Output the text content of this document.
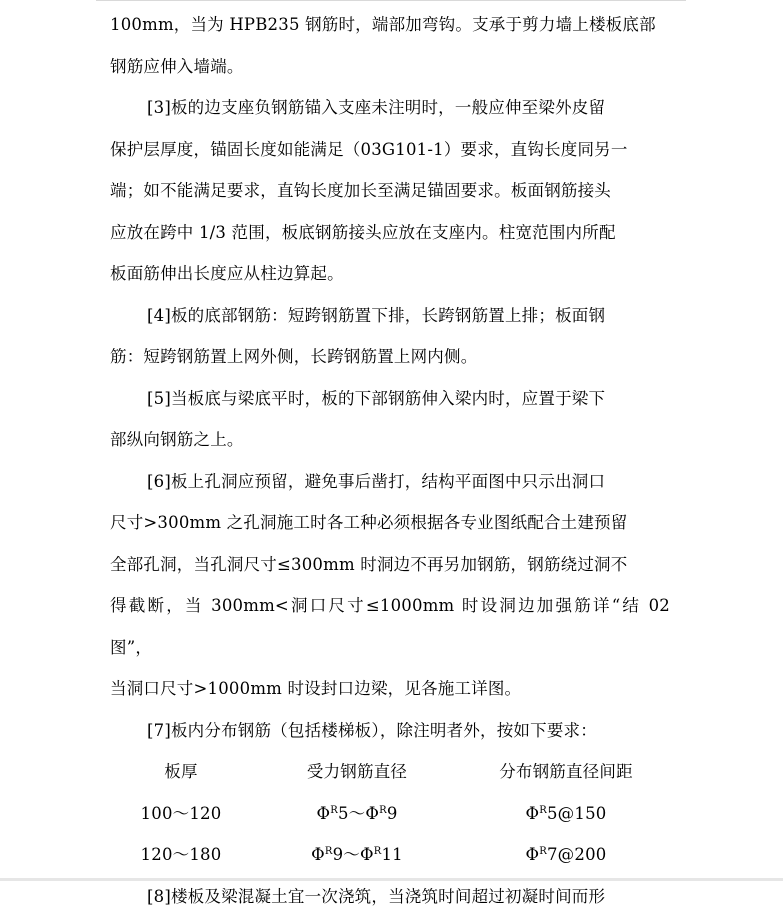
100mm，当为 HPB235 钢筋时，端部加弯钩。支承于剪力墙上楼板底部
钢筋应伸入墙端。

[3]板的边支座负钢筋锚入支座未注明时，一般应伸至梁外皮留
保护层厚度，锚固长度如能满足（03G101-1）要求，直钩长度同另一
端；如不能满足要求，直钩长度加长至满足锚固要求。板面钢筋接头
应放在跨中 1/3 范围，板底钢筋接头应放在支座内。柱宽范围内所配
板面筋伸出长度应从柱边算起。

[4]板的底部钢筋：短跨钢筋置下排，长跨钢筋置上排；板面钢
筋：短跨钢筋置上网外侧，长跨钢筋置上网内侧。

[5]当板底与梁底平时，板的下部钢筋伸入梁内时，应置于梁下
部纵向钢筋之上。

[6]板上孔洞应预留，避免事后凿打，结构平面图中只示出洞口
尺寸>300mm 之孔洞施工时各工种必须根据各专业图纸配合土建预留
全部孔洞，当孔洞尺寸≤300mm 时洞边不再另加钢筋，钢筋绕过洞不
得截断，当 300mm<洞口尺寸≤1000mm 时设洞边加强筋详“结 02 图”，
当洞口尺寸>1000mm 时设封口边梁，见各施工详图。

[7]板内分布钢筋（包括楼梯板），除注明者外，按如下要求：

板厚	受力钢筋直径	分布钢筋直径间距
100～120	$\Phi^R5\sim\Phi^R9$	$\Phi^R5@150$
120～180	$\Phi^R9\sim\Phi^R11$	$\Phi^R7@200$

[8]楼板及梁混凝土宜一次浇筑，当浇筑时间超过初凝时间而形
